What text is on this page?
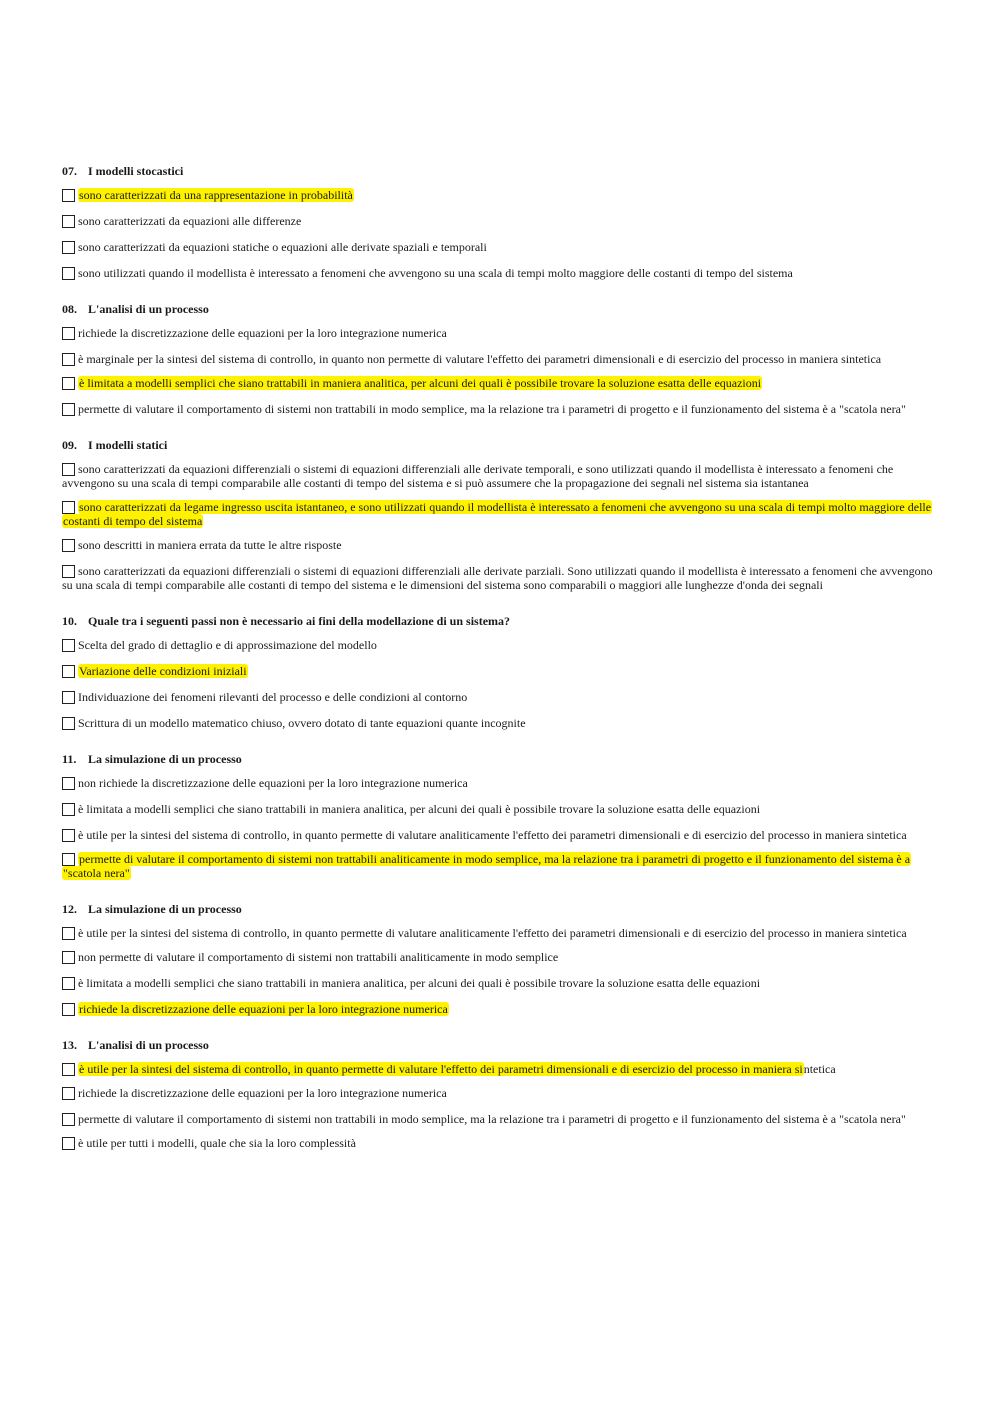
07. I modelli stocastici
sono caratterizzati da una rappresentazione in probabilità
sono caratterizzati da equazioni alle differenze
sono caratterizzati da equazioni statiche o equazioni alle derivate spaziali e temporali
sono utilizzati quando il modellista è interessato a fenomeni che avvengono su una scala di tempi molto maggiore delle costanti di tempo del sistema
08. L'analisi di un processo
richiede la discretizzazione delle equazioni per la loro integrazione numerica
è marginale per la sintesi del sistema di controllo, in quanto non permette di valutare l'effetto dei parametri dimensionali e di esercizio del processo in maniera sintetica
è limitata a modelli semplici che siano trattabili in maniera analitica, per alcuni dei quali è possibile trovare la soluzione esatta delle equazioni
permette di valutare il comportamento di sistemi non trattabili in modo semplice, ma la relazione tra i parametri di progetto e il funzionamento del sistema è a "scatola nera"
09. I modelli statici
sono caratterizzati da equazioni differenziali o sistemi di equazioni differenziali alle derivate temporali, e sono utilizzati quando il modellista è interessato a fenomeni che avvengono su una scala di tempi comparabile alle costanti di tempo del sistema e si può assumere che la propagazione dei segnali nel sistema sia istantanea
sono caratterizzati da legame ingresso uscita istantaneo, e sono utilizzati quando il modellista è interessato a fenomeni che avvengono su una scala di tempi molto maggiore delle costanti di tempo del sistema
sono descritti in maniera errata da tutte le altre risposte
sono caratterizzati da equazioni differenziali o sistemi di equazioni differenziali alle derivate parziali. Sono utilizzati quando il modellista è interessato a fenomeni che avvengono su una scala di tempi comparabile alle costanti di tempo del sistema e le dimensioni del sistema sono comparabili o maggiori alle lunghezze d'onda dei segnali
10. Quale tra i seguenti passi non è necessario ai fini della modellazione di un sistema?
Scelta del grado di dettaglio e di approssimazione del modello
Variazione delle condizioni iniziali
Individuazione dei fenomeni rilevanti del processo e delle condizioni al contorno
Scrittura di un modello matematico chiuso, ovvero dotato di tante equazioni quante incognite
11. La simulazione di un processo
non richiede la discretizzazione delle equazioni per la loro integrazione numerica
è limitata a modelli semplici che siano trattabili in maniera analitica, per alcuni dei quali è possibile trovare la soluzione esatta delle equazioni
è utile per la sintesi del sistema di controllo, in quanto permette di valutare analiticamente l'effetto dei parametri dimensionali e di esercizio del processo in maniera sintetica
permette di valutare il comportamento di sistemi non trattabili analiticamente in modo semplice, ma la relazione tra i parametri di progetto e il funzionamento del sistema è a "scatola nera"
12. La simulazione di un processo
è utile per la sintesi del sistema di controllo, in quanto permette di valutare analiticamente l'effetto dei parametri dimensionali e di esercizio del processo in maniera sintetica
non permette di valutare il comportamento di sistemi non trattabili analiticamente in modo semplice
è limitata a modelli semplici che siano trattabili in maniera analitica, per alcuni dei quali è possibile trovare la soluzione esatta delle equazioni
richiede la discretizzazione delle equazioni per la loro integrazione numerica
13. L'analisi di un processo
è utile per la sintesi del sistema di controllo, in quanto permette di valutare l'effetto dei parametri dimensionali e di esercizio del processo in maniera sintetica
richiede la discretizzazione delle equazioni per la loro integrazione numerica
permette di valutare il comportamento di sistemi non trattabili in modo semplice, ma la relazione tra i parametri di progetto e il funzionamento del sistema è a "scatola nera"
è utile per tutti i modelli, quale che sia la loro complessità
